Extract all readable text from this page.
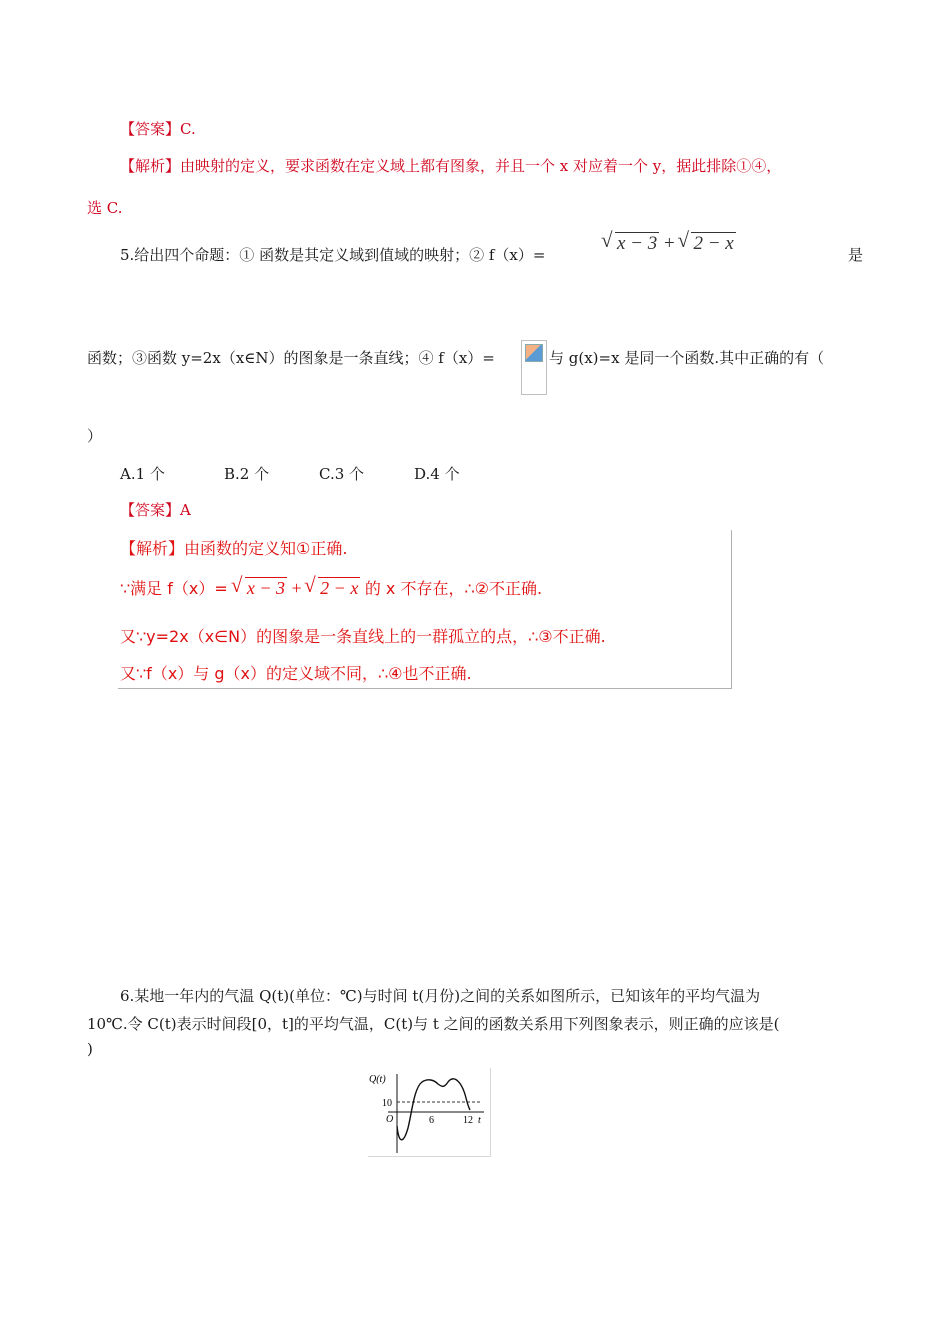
【答案】C.
【解析】由映射的定义，要求函数在定义域上都有图象，并且一个 x 对应着一个 y，据此排除①④，
选 C.
5.给出四个命题：① 函数是其定义域到值域的映射；② f（x）=
√ x − 3 + √ 2 − x
是
函数；③函数 y=2x（x∈N）的图象是一条直线；④ f（x）=	与 g(x)=x 是同一个函数.其中正确的有（
）
A.1 个	B.2 个	C.3 个	D.4 个
【答案】A
【解析】由函数的定义知①正确.
∵满足 f（x）= √ x − 3 + √ 2 − x 的 x 不存在，∴②不正确.
又∵y=2x（x∈N）的图象是一条直线上的一群孤立的点，∴③不正确.
又∵f（x）与 g（x）的定义域不同，∴④也不正确.
6.某地一年内的气温 Q(t)(单位：℃)与时间 t(月份)之间的关系如图所示，已知该年的平均气温为
10℃.令 C(t)表示时间段[0，t]的平均气温，C(t)与 t 之间的函数关系用下列图象表示，则正确的应该是(
)
Q(t)
10
O	6	12 t
